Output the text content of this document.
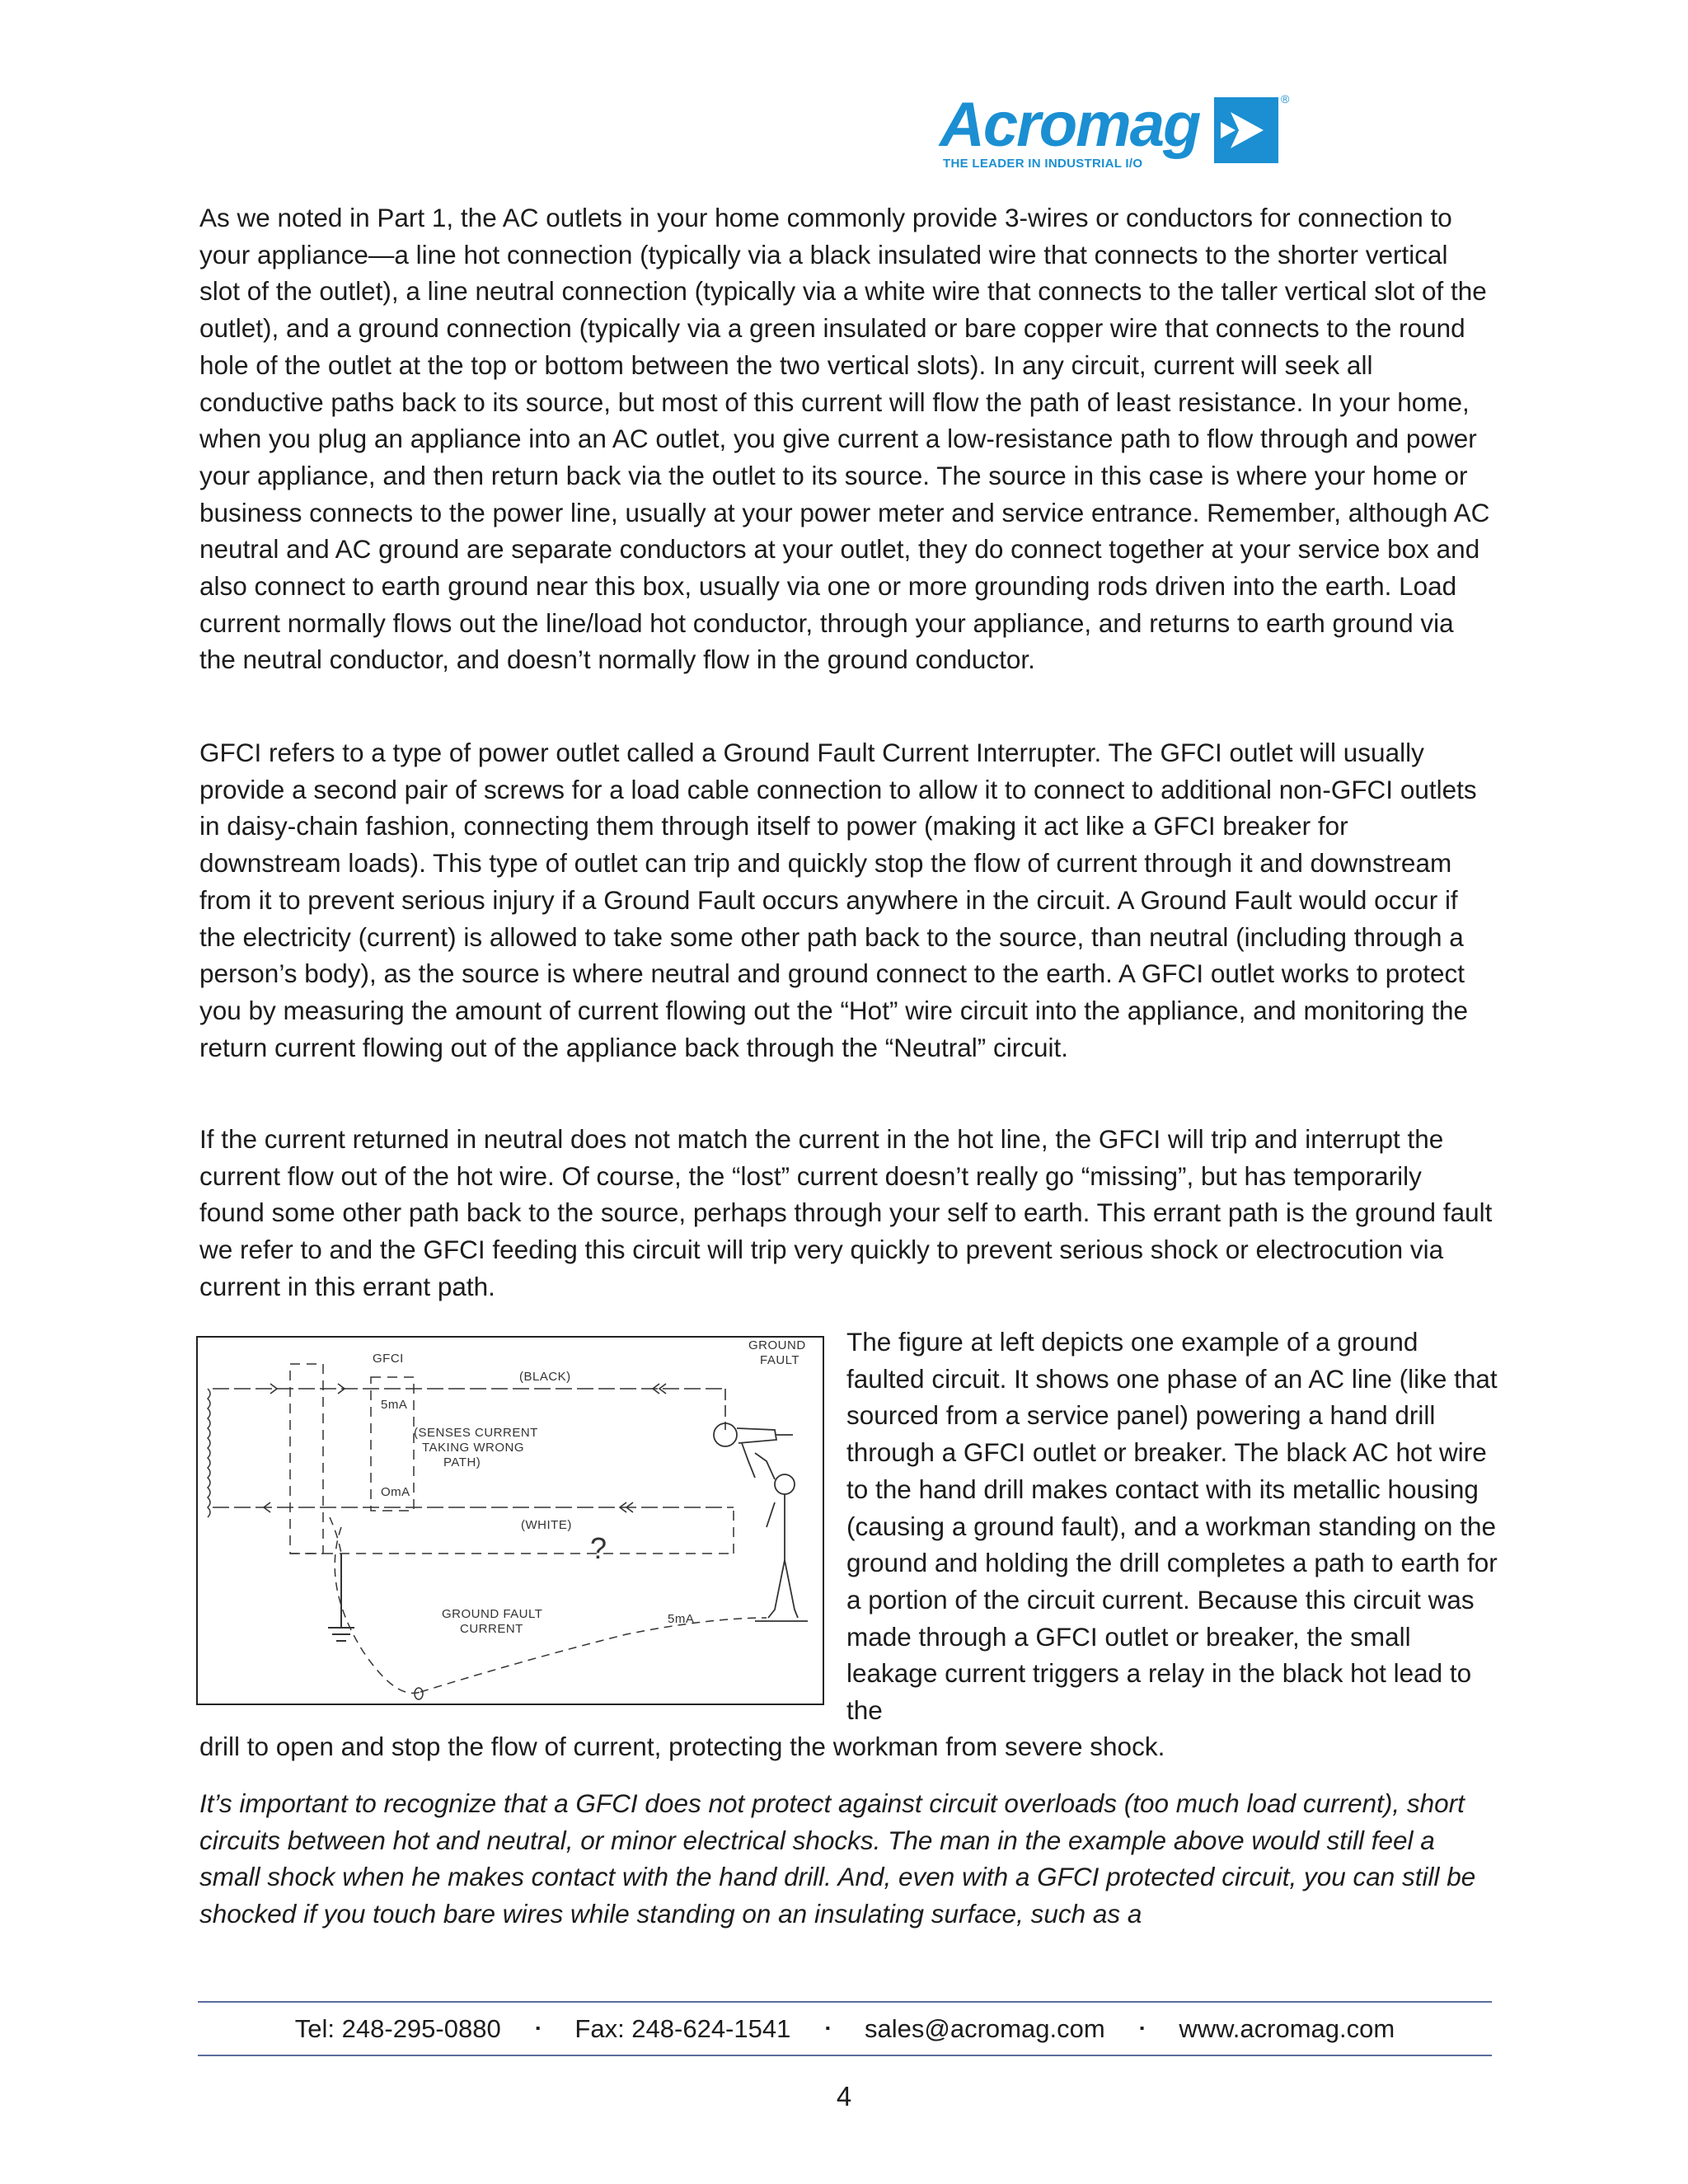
Acromag	®
THE LEADER IN INDUSTRIAL I/O

As we noted in Part 1, the AC outlets in your home commonly provide 3-wires or conductors for connection to your appliance—a line hot connection (typically via a black insulated wire that connects to the shorter vertical slot of the outlet), a line neutral connection (typically via a white wire that connects to the taller vertical slot of the outlet), and a ground connection (typically via a green insulated or bare copper wire that connects to the round hole of the outlet at the top or bottom between the two vertical slots). In any circuit, current will seek all conductive paths back to its source, but most of this current will flow the path of least resistance. In your home, when you plug an appliance into an AC outlet, you give current a low-resistance path to flow through and power your appliance, and then return back via the outlet to its source. The source in this case is where your home or business connects to the power line, usually at your power meter and service entrance. Remember, although AC neutral and AC ground are separate conductors at your outlet, they do connect together at your service box and also connect to earth ground near this box, usually via one or more grounding rods driven into the earth. Load current normally flows out the line/load hot conductor, through your appliance, and returns to earth ground via the neutral conductor, and doesn’t normally flow in the ground conductor.

GFCI refers to a type of power outlet called a Ground Fault Current Interrupter. The GFCI outlet will usually provide a second pair of screws for a load cable connection to allow it to connect to additional non-GFCI outlets in daisy-chain fashion, connecting them through itself to power (making it act like a GFCI breaker for downstream loads). This type of outlet can trip and quickly stop the flow of current through it and downstream from it to prevent serious injury if a Ground Fault occurs anywhere in the circuit. A Ground Fault would occur if the electricity (current) is allowed to take some other path back to the source, than neutral (including through a person’s body), as the source is where neutral and ground connect to the earth. A GFCI outlet works to protect you by measuring the amount of current flowing out the “Hot” wire circuit into the appliance, and monitoring the return current flowing out of the appliance back through the “Neutral” circuit.

If the current returned in neutral does not match the current in the hot line, the GFCI will trip and interrupt the current flow out of the hot wire. Of course, the “lost” current doesn’t really go “missing”, but has temporarily found some other path back to the source, perhaps through your self to earth. This errant path is the ground fault we refer to and the GFCI feeding this circuit will trip very quickly to prevent serious shock or electrocution via current in this errant path.

The figure at left depicts one example of a ground faulted circuit. It shows one phase of an AC line (like that sourced from a service panel) powering a hand drill through a GFCI outlet or breaker. The black AC hot wire to the hand drill makes contact with its metallic housing (causing a ground fault), and a workman standing on the ground and holding the drill completes a path to earth for a portion of the circuit current. Because this circuit was made through a GFCI outlet or breaker, the small leakage current triggers a relay in the black hot lead to the

drill to open and stop the flow of current, protecting the workman from severe shock.

It’s important to recognize that a GFCI does not protect against circuit overloads (too much load current), short circuits between hot and neutral, or minor electrical shocks. The man in the example above would still feel a small shock when he makes contact with the hand drill. And, even with a GFCI protected circuit, you can still be shocked if you touch bare wires while standing on an insulating surface, such as a

GFCI
(BLACK)
(WHITE)
GROUND
FAULT
5mA
OmA
(SENSES CURRENT
TAKING WRONG
PATH)
?
GROUND FAULT
CURRENT
5mA
Tel: 248-295-0880	▪ Fax: 248-624-1541	▪ sales@acromag.com	▪ www.acromag.com
4
